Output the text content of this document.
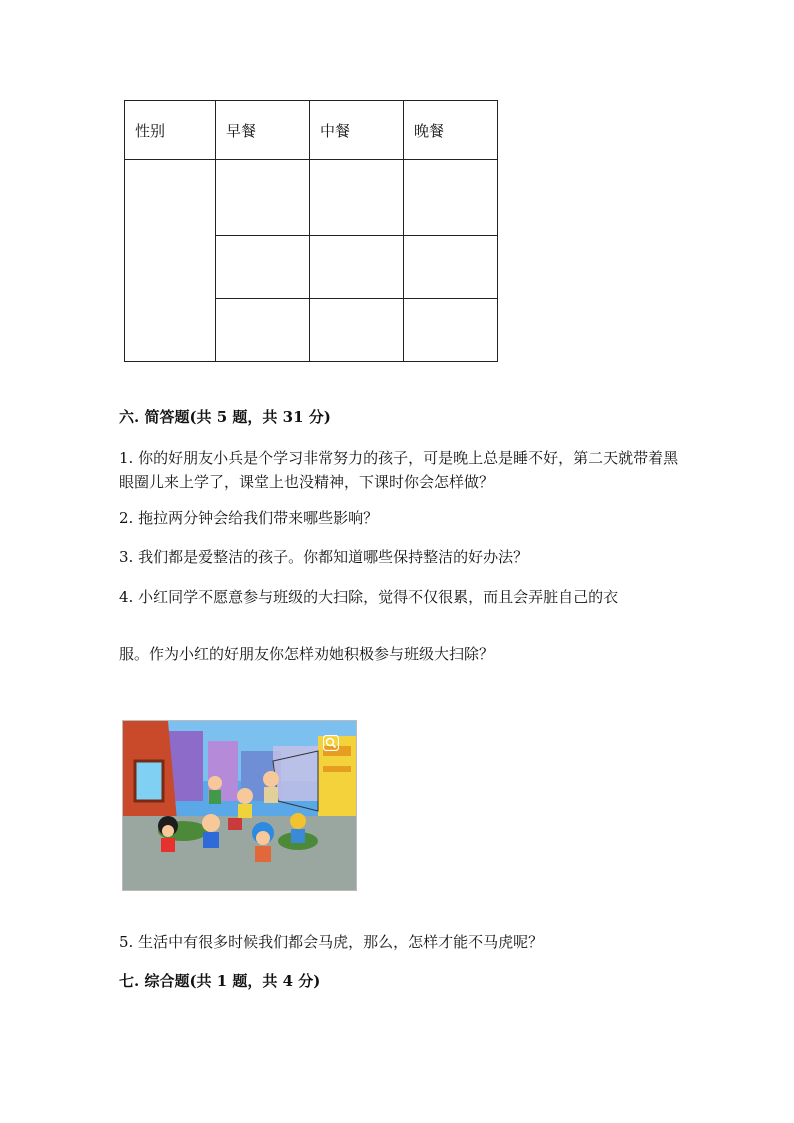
性别	早餐	中餐	晚餐

六. 简答题(共 5 题，共 31 分)

1. 你的好朋友小兵是个学习非常努力的孩子，可是晚上总是睡不好，第二天就带着黑眼圈儿来上学了，课堂上也没精神，下课时你会怎样做？

2. 拖拉两分钟会给我们带来哪些影响？

3. 我们都是爱整洁的孩子。你都知道哪些保持整洁的好办法？

4. 小红同学不愿意参与班级的大扫除，觉得不仅很累，而且会弄脏自己的衣

服。作为小红的好朋友你怎样劝她积极参与班级大扫除？

5. 生活中有很多时候我们都会马虎，那么，怎样才能不马虎呢？

七. 综合题(共 1 题，共 4 分)
